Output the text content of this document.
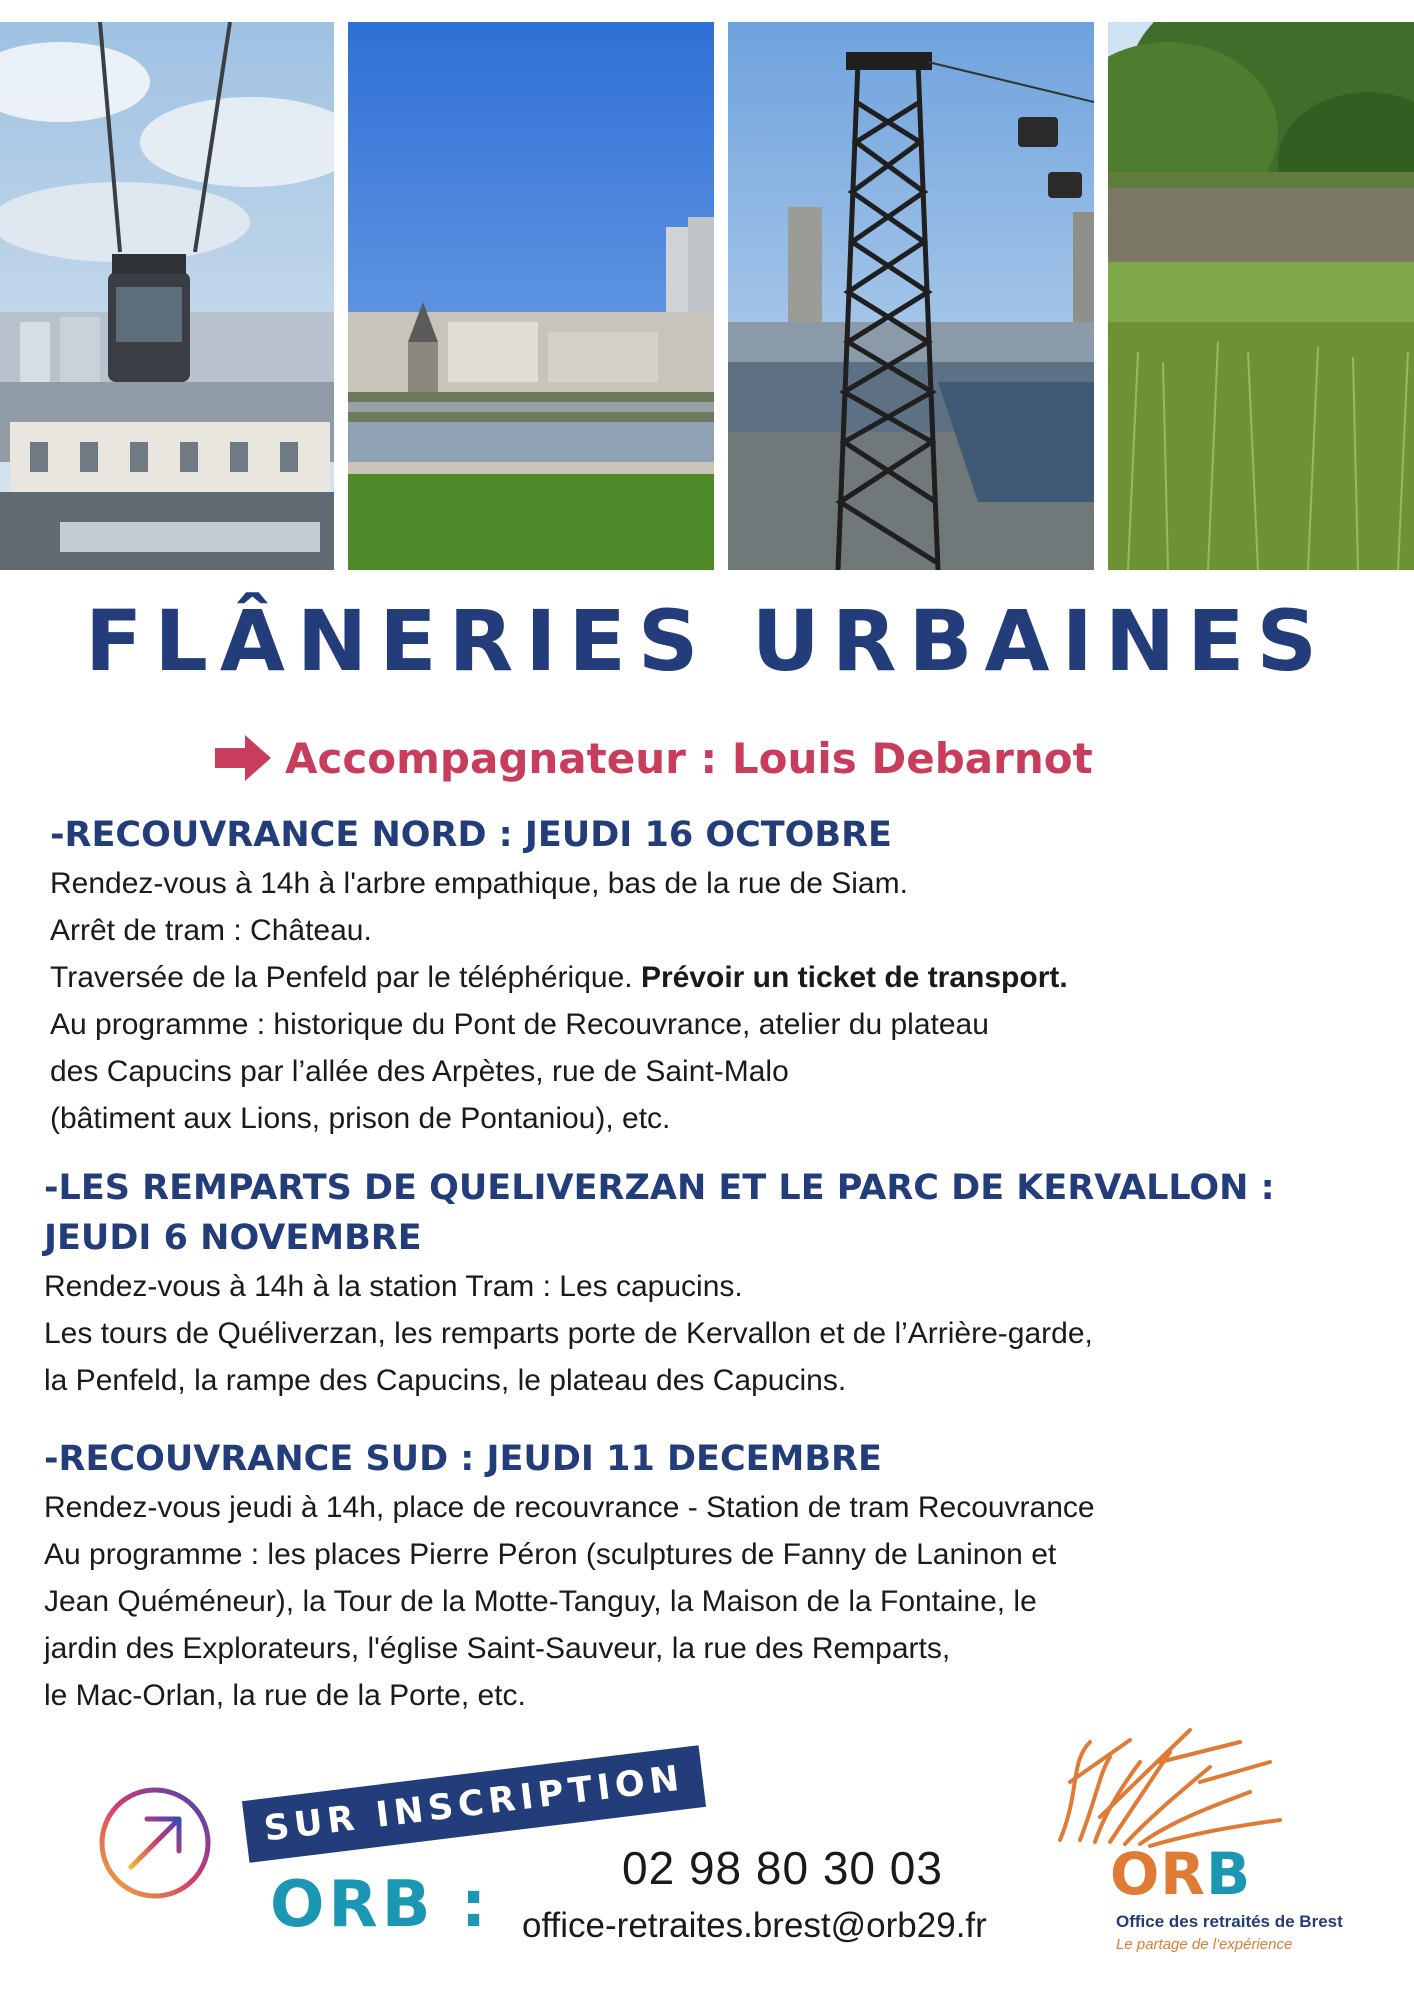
FLÂNERIES URBAINES
Accompagnateur : Louis Debarnot
-RECOUVRANCE NORD : JEUDI 16 OCTOBRE
Rendez-vous à 14h à l'arbre empathique, bas de la rue de Siam.
Arrêt de tram : Château.
Traversée de la Penfeld par le téléphérique. Prévoir un ticket de transport.
Au programme : historique du Pont de Recouvrance, atelier du plateau
des Capucins par l’allée des Arpètes, rue de Saint-Malo
(bâtiment aux Lions, prison de Pontaniou), etc.
-LES REMPARTS DE QUELIVERZAN ET LE PARC DE KERVALLON :
JEUDI 6 NOVEMBRE
Rendez-vous à 14h à la station Tram : Les capucins.
Les tours de Quéliverzan, les remparts porte de Kervallon et de l’Arrière-garde,
la Penfeld, la rampe des Capucins, le plateau des Capucins.
-RECOUVRANCE SUD : JEUDI 11 DECEMBRE
Rendez-vous jeudi à 14h, place de recouvrance - Station de tram Recouvrance
Au programme : les places Pierre Péron (sculptures de Fanny de Laninon et
Jean Quéméneur), la Tour de la Motte-Tanguy, la Maison de la Fontaine, le
jardin des Explorateurs, l'église Saint-Sauveur, la rue des Remparts,
le Mac-Orlan, la rue de la Porte, etc.
SUR INSCRIPTION
ORB :	02 98 80 30 03
office-retraites.brest@orb29.fr
ORB
Office des retraités de Brest
Le partage de l'expérience
